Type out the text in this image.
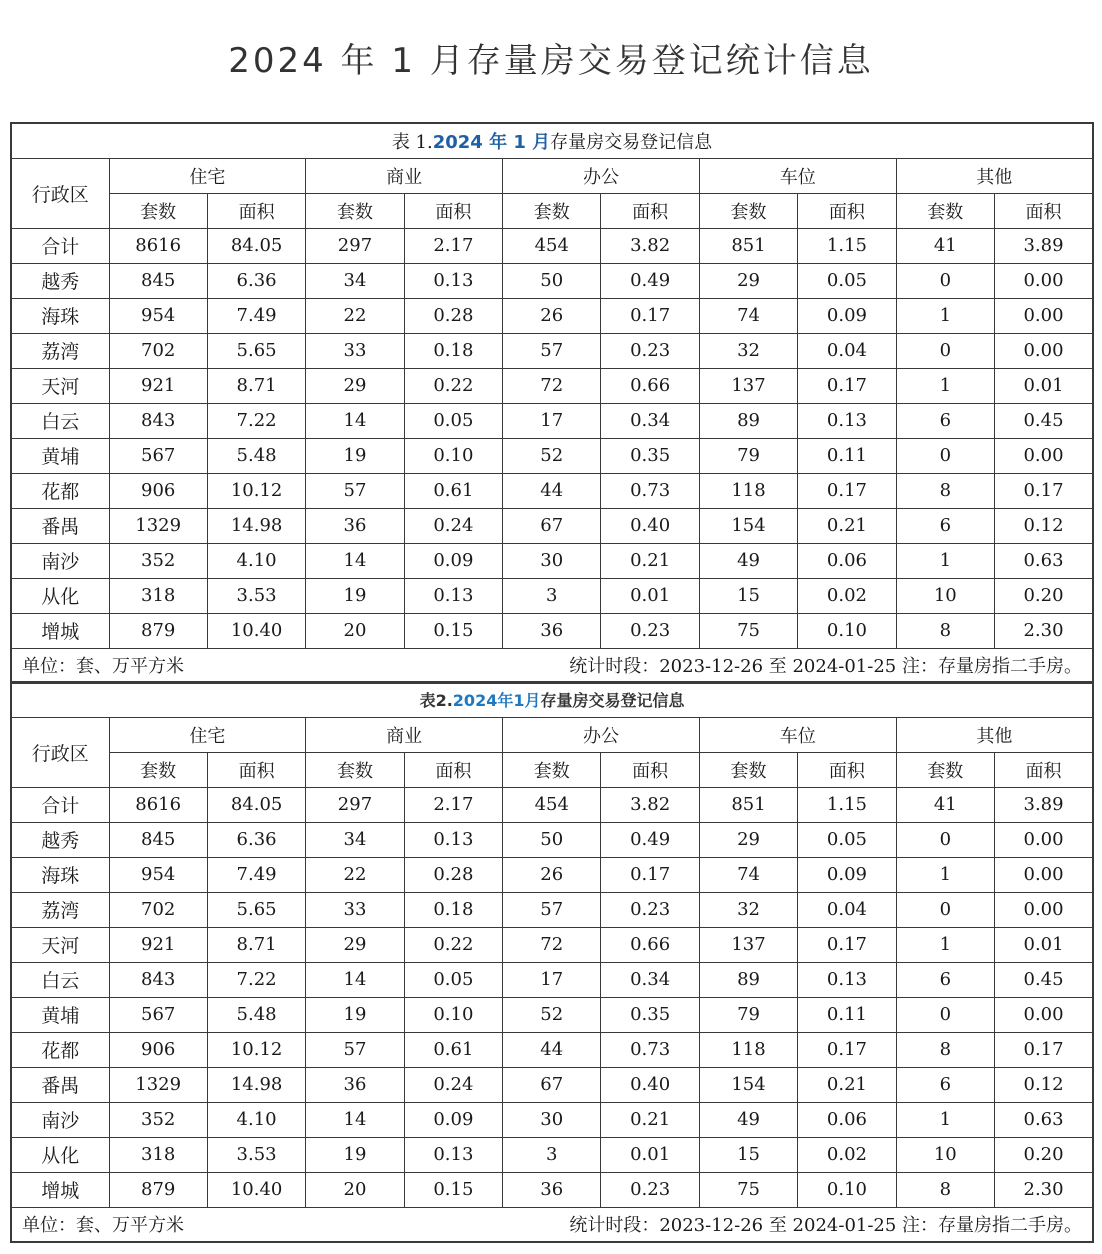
2024 年 1 月存量房交易登记统计信息
表 1.2024 年 1 月存量房交易登记信息										
行政区	住宅		商业		办公		车位		其他	
	套数	面积	套数	面积	套数	面积	套数	面积	套数	面积
合计	8616	84.05	297	2.17	454	3.82	851	1.15	41	3.89
越秀	845	6.36	34	0.13	50	0.49	29	0.05	0	0.00
海珠	954	7.49	22	0.28	26	0.17	74	0.09	1	0.00
荔湾	702	5.65	33	0.18	57	0.23	32	0.04	0	0.00
天河	921	8.71	29	0.22	72	0.66	137	0.17	1	0.01
白云	843	7.22	14	0.05	17	0.34	89	0.13	6	0.45
黄埔	567	5.48	19	0.10	52	0.35	79	0.11	0	0.00
花都	906	10.12	57	0.61	44	0.73	118	0.17	8	0.17
番禺	1329	14.98	36	0.24	67	0.40	154	0.21	6	0.12
南沙	352	4.10	14	0.09	30	0.21	49	0.06	1	0.63
从化	318	3.53	19	0.13	3	0.01	15	0.02	10	0.20
增城	879	10.40	20	0.15	36	0.23	75	0.10	8	2.30

单位：套、万平方米 统计时段：2023-12-26 至 2024-01-25 注：存量房指二手房。										
表2.2024年1月存量房交易登记信息										
行政区	住宅		商业		办公		车位		其他	
	套数	面积	套数	面积	套数	面积	套数	面积	套数	面积
合计	8616	84.05	297	2.17	454	3.82	851	1.15	41	3.89
越秀	845	6.36	34	0.13	50	0.49	29	0.05	0	0.00
海珠	954	7.49	22	0.28	26	0.17	74	0.09	1	0.00
荔湾	702	5.65	33	0.18	57	0.23	32	0.04	0	0.00
天河	921	8.71	29	0.22	72	0.66	137	0.17	1	0.01
白云	843	7.22	14	0.05	17	0.34	89	0.13	6	0.45
黄埔	567	5.48	19	0.10	52	0.35	79	0.11	0	0.00
花都	906	10.12	57	0.61	44	0.73	118	0.17	8	0.17
番禺	1329	14.98	36	0.24	67	0.40	154	0.21	6	0.12
南沙	352	4.10	14	0.09	30	0.21	49	0.06	1	0.63
从化	318	3.53	19	0.13	3	0.01	15	0.02	10	0.20
增城	879	10.40	20	0.15	36	0.23	75	0.10	8	2.30

单位：套、万平方米 统计时段：2023-12-26 至 2024-01-25 注：存量房指二手房。										
